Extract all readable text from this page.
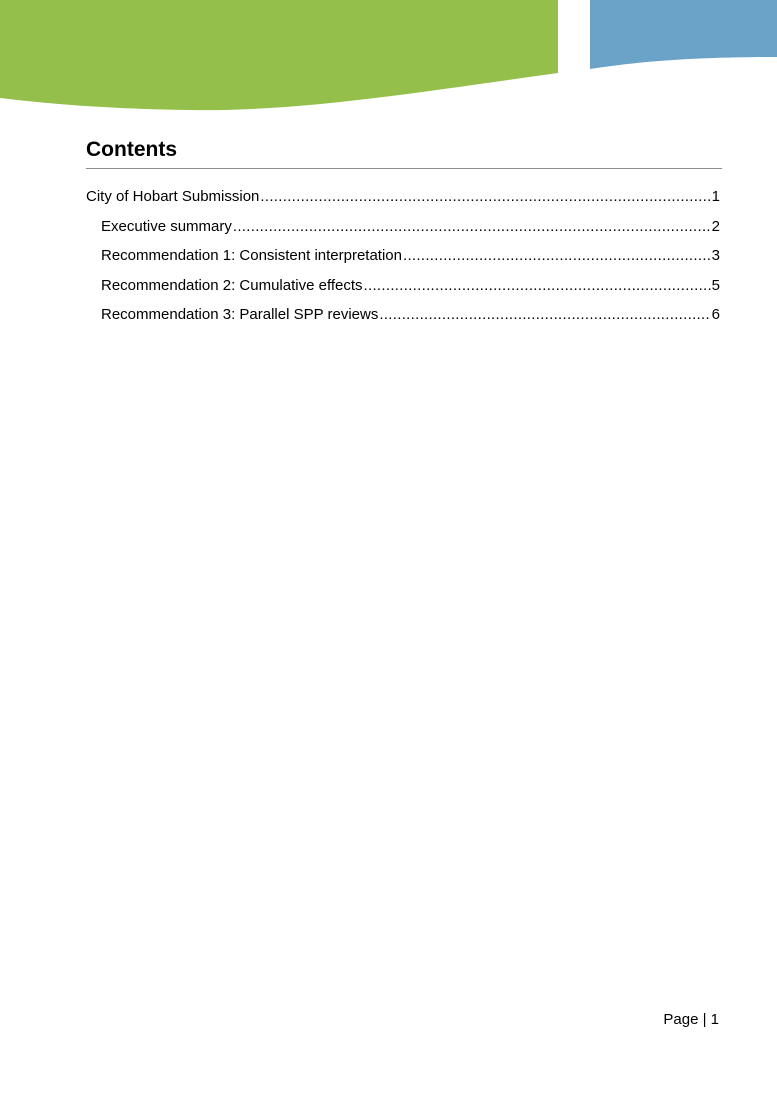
Contents
City of Hobart Submission .....	1
Executive summary .....	2
Recommendation 1: Consistent interpretation .....	3
Recommendation 2: Cumulative effects .....	5
Recommendation 3: Parallel SPP reviews .....	6
Page | 1
